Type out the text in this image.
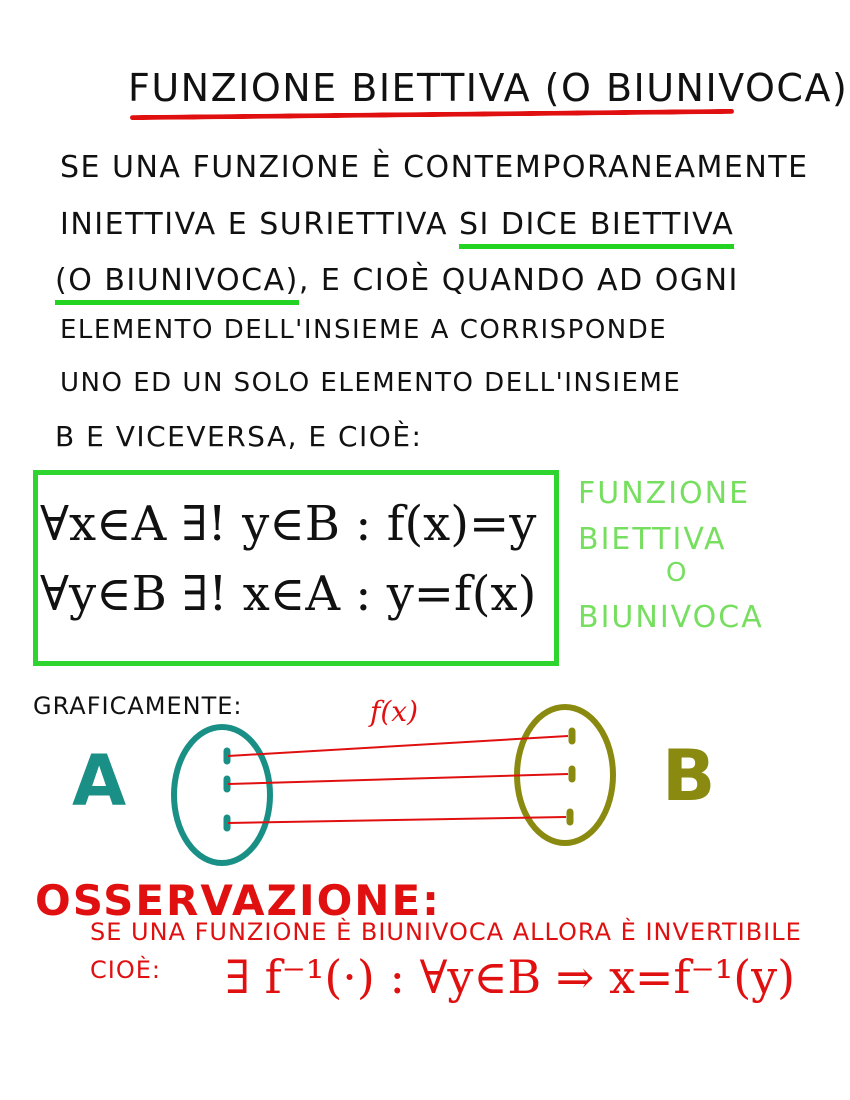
FUNZIONE BIETTIVA (O BIUNIVOCA)
SE UNA FUNZIONE È CONTEMPORANEAMENTE
INIETTIVA E SURIETTIVA SI DICE BIETTIVA
(O BIUNIVOCA), E CIOÈ QUANDO AD OGNI
ELEMENTO DELL'INSIEME A CORRISPONDE
UNO ED UN SOLO ELEMENTO DELL'INSIEME
B E VICEVERSA, E CIOÈ:
∀x∈A ∃! y∈B : f(x)=y
∀y∈B ∃! x∈A : y=f(x)
FUNZIONE
BIETTIVA
O
BIUNIVOCA
GRAFICAMENTE:	f(x)
A	B
OSSERVAZIONE:
SE UNA FUNZIONE È BIUNIVOCA ALLORA È INVERTIBILE
CIOÈ: ∃ f⁻¹(·) : ∀y∈B ⇒ x=f⁻¹(y)
